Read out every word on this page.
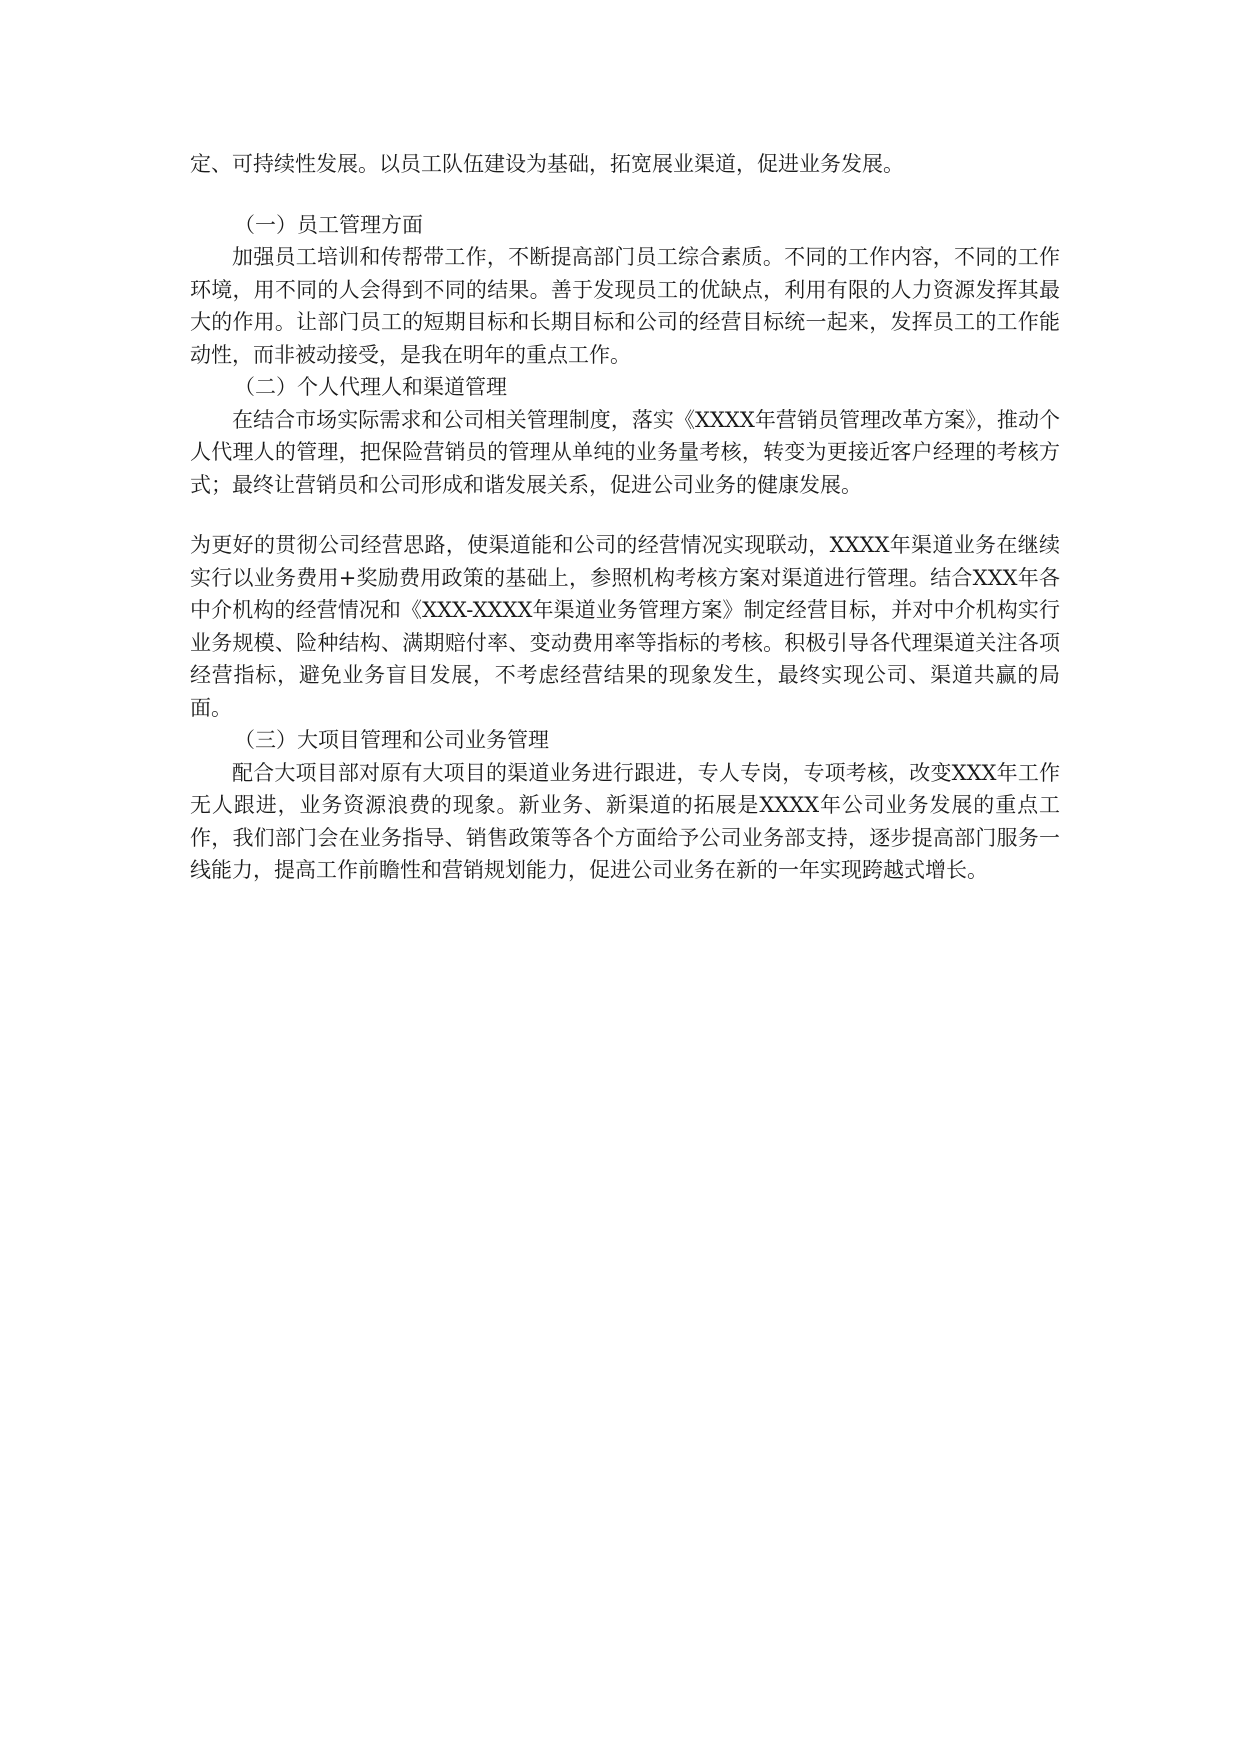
定、可持续性发展。以员工队伍建设为基础，拓宽展业渠道，促进业务发展。

（一）员工管理方面

加强员工培训和传帮带工作，不断提高部门员工综合素质。不同的工作内容，不同的工作环境，用不同的人会得到不同的结果。善于发现员工的优缺点，利用有限的人力资源发挥其最大的作用。让部门员工的短期目标和长期目标和公司的经营目标统一起来，发挥员工的工作能动性，而非被动接受，是我在明年的重点工作。

（二）个人代理人和渠道管理

在结合市场实际需求和公司相关管理制度，落实《XXXX年营销员管理改革方案》，推动个人代理人的管理，把保险营销员的管理从单纯的业务量考核，转变为更接近客户经理的考核方式；最终让营销员和公司形成和谐发展关系，促进公司业务的健康发展。

为更好的贯彻公司经营思路，使渠道能和公司的经营情况实现联动，XXXX年渠道业务在继续实行以业务费用+奖励费用政策的基础上，参照机构考核方案对渠道进行管理。结合XXX年各中介机构的经营情况和《XXX-XXXX年渠道业务管理方案》制定经营目标，并对中介机构实行业务规模、险种结构、满期赔付率、变动费用率等指标的考核。积极引导各代理渠道关注各项经营指标，避免业务盲目发展，不考虑经营结果的现象发生，最终实现公司、渠道共赢的局面。

（三）大项目管理和公司业务管理

配合大项目部对原有大项目的渠道业务进行跟进，专人专岗，专项考核，改变XXX年工作无人跟进，业务资源浪费的现象。新业务、新渠道的拓展是XXXX年公司业务发展的重点工作，我们部门会在业务指导、销售政策等各个方面给予公司业务部支持，逐步提高部门服务一线能力，提高工作前瞻性和营销规划能力，促进公司业务在新的一年实现跨越式增长。
